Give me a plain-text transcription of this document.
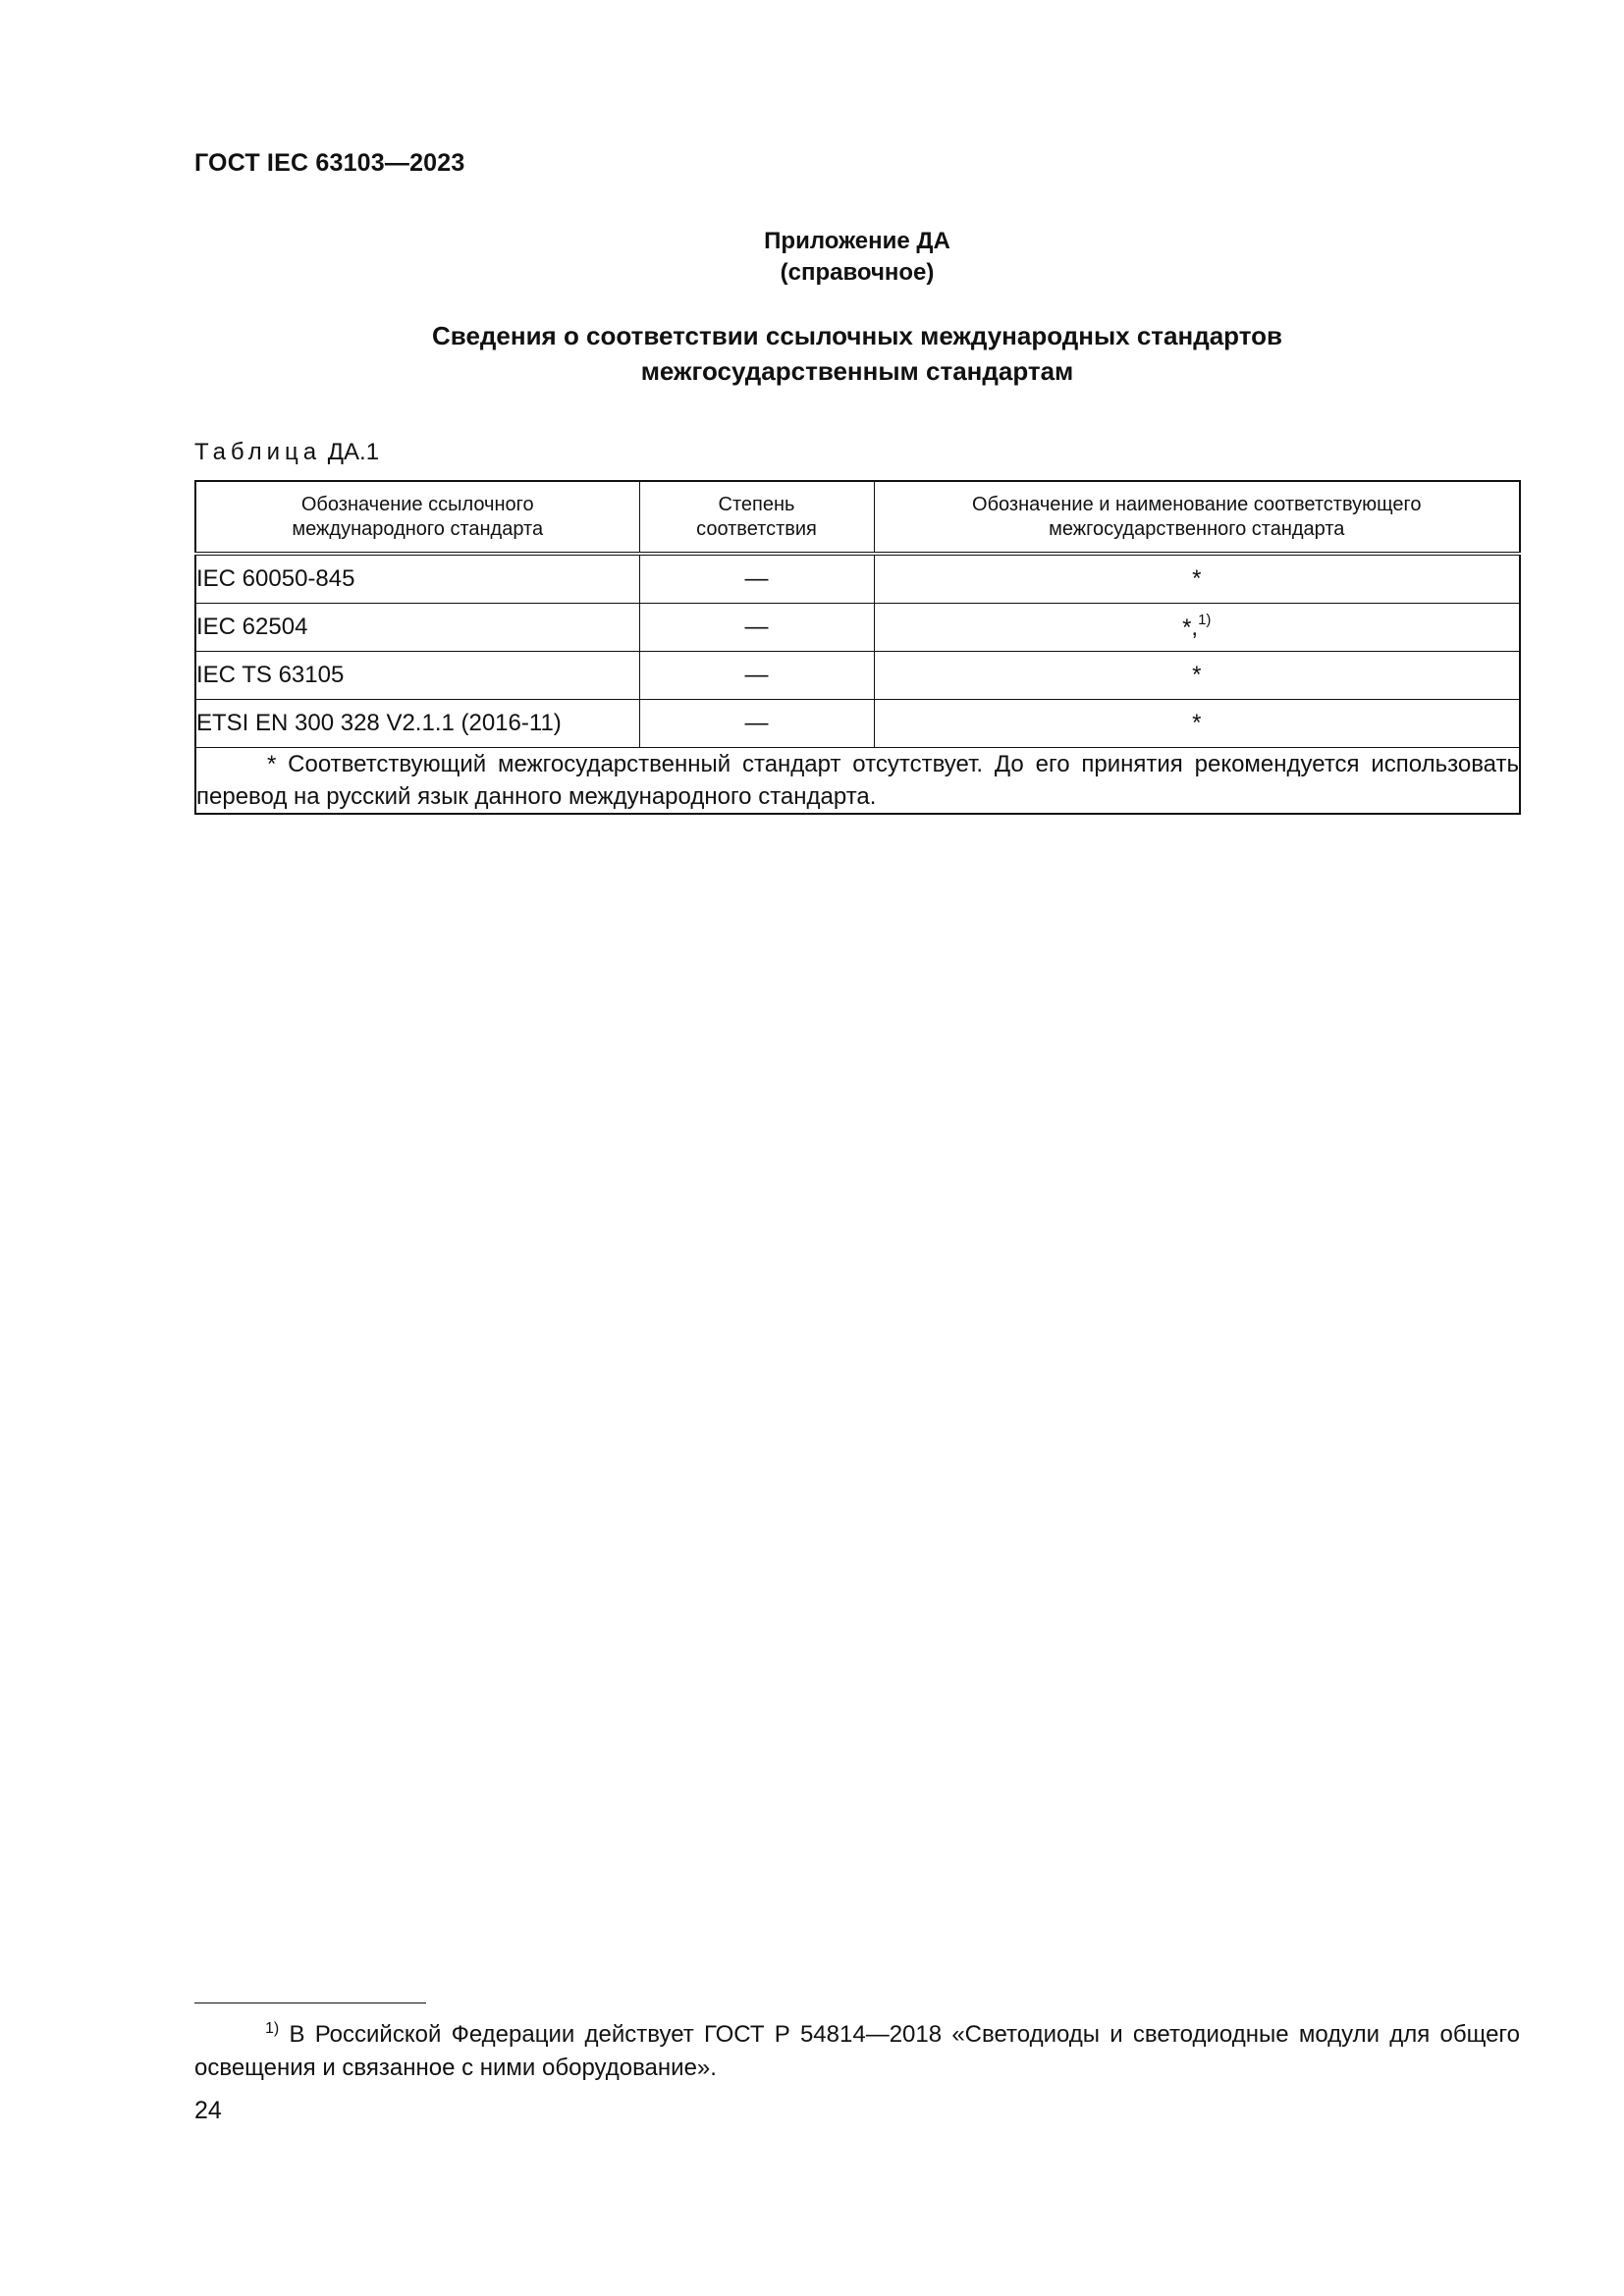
ГОСТ IEC 63103—2023
Приложение ДА
(справочное)
Сведения о соответствии ссылочных международных стандартов
межгосударственным стандартам
Таблица ДА.1
Обозначение ссылочного международного стандарта	Степень соответствия	Обозначение и наименование соответствующего межгосударственного стандарта

IEC 60050-845	—	*
IEC 62504	—	*,$^{1)}$
IEC TS 63105	—	*
ETSI EN 300 328 V2.1.1 (2016-11)	—	*
* Соответствующий межгосударственный стандарт отсутствует. До его принятия рекомендуется использовать перевод на русский язык данного международного стандарта.		
$^{1)}$ В Российской Федерации действует ГОСТ Р 54814—2018 «Светодиоды и светодиодные модули для общего освещения и связанное с ними оборудование».
24
